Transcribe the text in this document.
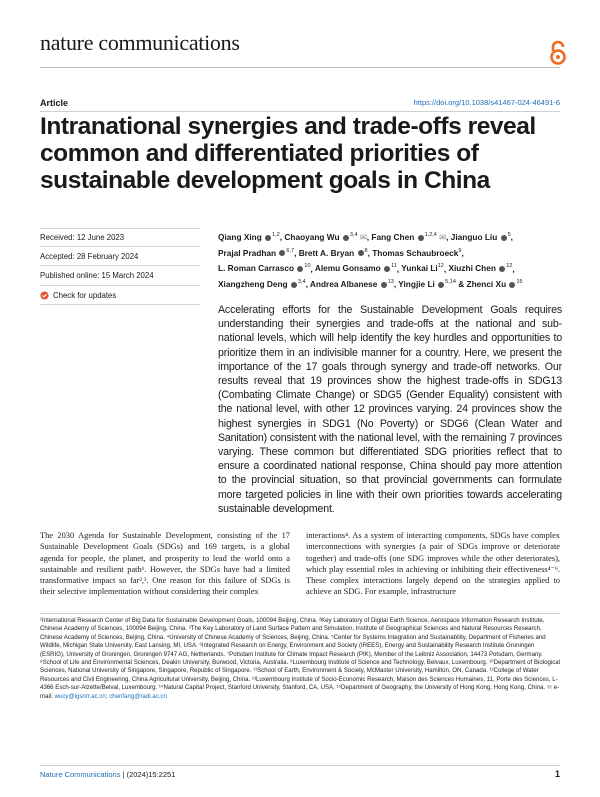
nature communications
Article	https://doi.org/10.1038/s41467-024-46491-6
Intranational synergies and trade-offs reveal common and differentiated priorities of sustainable development goals in China
Received: 12 June 2023
Accepted: 28 February 2024
Published online: 15 March 2024
Check for updates
Qiang Xing $^{1,2}$, Chaoyang Wu $^{3,4}$ ✉, Fang Chen $^{1,2,4}$ ✉, Jianguo Liu $^5$, Prajal Pradhan $^{6,7}$, Brett A. Bryan $^8$, Thomas Schaubroeck$^9$, L. Roman Carrasco $^{10}$, Alemu Gonsamo $^{11}$, Yunkai Li$^{12}$, Xiuzhi Chen $^{12}$, Xiangzheng Deng $^{3,4}$, Andrea Albanese $^{13}$, Yingjie Li $^{5,14}$ & Zhenci Xu $^{15}$

Accelerating efforts for the Sustainable Development Goals requires understanding their synergies and trade-offs at the national and sub-national levels, which will help identify the key hurdles and opportunities to prioritize them in an indivisible manner for a country. Here, we present the importance of the 17 goals through synergy and trade-off networks. Our results reveal that 19 provinces show the highest trade-offs in SDG13 (Combating Climate Change) or SDG5 (Gender Equality) consistent with the national level, with other 12 provinces varying. 24 provinces show the highest synergies in SDG1 (No Poverty) or SDG6 (Clean Water and Sanitation) consistent with the national level, with the remaining 7 provinces varying. These common but differentiated SDG priorities reflect that to ensure a coordinated national response, China should pay more attention to the provincial situation, so that provincial governments can formulate more targeted policies in line with their own priorities towards accelerating sustainable development.

The 2030 Agenda for Sustainable Development, consisting of the 17 Sustainable Development Goals (SDGs) and 169 targets, is a global agenda for people, the planet, and prosperity to lead the world onto a sustainable and resilient path¹. However, the SDGs have had a limited transformative impact so far²,³. One reason for this failure of SDGs is their selective implementation without considering their complex

interactions⁴. As a system of interacting components, SDGs have complex interconnections with synergies (a pair of SDGs improve or deteriorate together) and trade-offs (one SDG improves while the other deteriorates), which play essential roles in achieving or inhibiting their effectiveness⁴⁻⁶. These complex interactions largely depend on the strategies applied to achieve an SDG. For example, infrastructure

¹International Research Center of Big Data for Sustainable Development Goals, 100094 Beijing, China. ²Key Laboratory of Digital Earth Science, Aerospace Information Research Institute, Chinese Academy of Sciences, 100094 Beijing, China. ³The Key Laboratory of Land Surface Pattern and Simulation, Institute of Geographical Sciences and Natural Resources Research, Chinese Academy of Sciences, Beijing, China. ⁴University of Chinese Academy of Sciences, Beijing, China. ⁵Center for Systems Integration and Sustainability, Department of Fisheries and Wildlife, Michigan State University, East Lansing, MI, USA. ⁶Integrated Research on Energy, Environment and Society (IREES), Energy and Sustainability Research Institute Groningen (ESRIG), University of Groningen, Groningen 9747 AG, Netherlands. ⁷Potsdam Institute for Climate Impact Research (PIK), Member of the Leibniz Association, 14473 Potsdam, Germany. ⁸School of Life and Environmental Sciences, Deakin University, Burwood, Victoria, Australia. ⁹Luxembourg Institute of Science and Technology, Belvaux, Luxembourg. ¹⁰Department of Biological Sciences, National University of Singapore, Singapore, Republic of Singapore. ¹¹School of Earth, Environment & Society, McMaster University, Hamilton, ON, Canada. ¹²College of Water Resources and Civil Engineering, China Agricultural University, Beijing, China. ¹³Luxembourg Institute of Socio-Economic Research, Maison des Sciences Humaines, 11, Porte des Sciences, L-4366 Esch-sur-Alzette/Belval, Luxembourg. ¹⁴Natural Capital Project, Stanford University, Stanford, CA, USA. ¹⁵Department of Geography, the University of Hong Kong, Hong Kong, China. ✉ e-mail: wucy@igsnrr.ac.cn; chenfang@radi.ac.cn
Nature Communications | (2024)15:2251	1
